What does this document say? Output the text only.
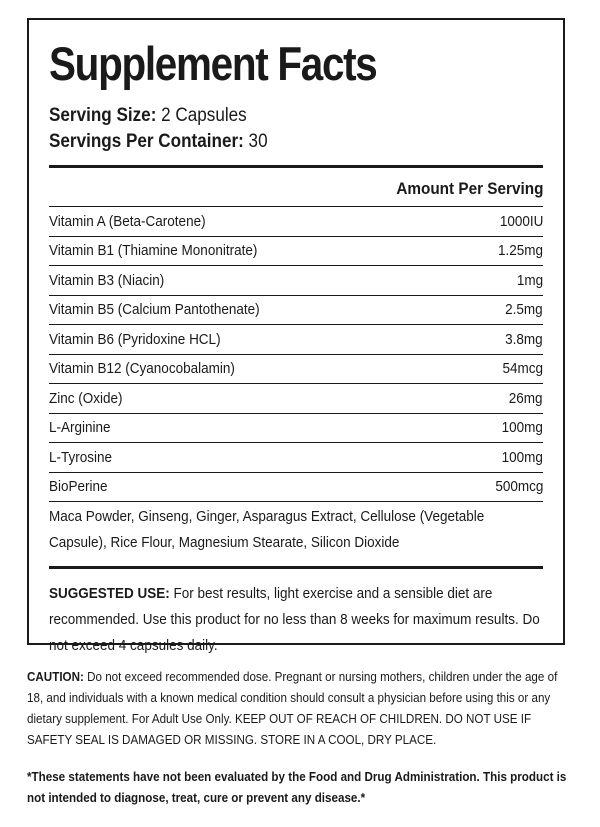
Supplement Facts
Serving Size: 2 Capsules
Servings Per Container: 30
Amount Per Serving
Vitamin A (Beta-Carotene)	1000IU
Vitamin B1 (Thiamine Mononitrate)	1.25mg
Vitamin B3 (Niacin)	1mg
Vitamin B5 (Calcium Pantothenate)	2.5mg
Vitamin B6 (Pyridoxine HCL)	3.8mg
Vitamin B12 (Cyanocobalamin)	54mcg
Zinc (Oxide)	26mg
L-Arginine	100mg
L-Tyrosine	100mg
BioPerine	500mcg
Maca Powder, Ginseng, Ginger, Asparagus Extract, Cellulose (Vegetable Capsule), Rice Flour, Magnesium Stearate, Silicon Dioxide
SUGGESTED USE: For best results, light exercise and a sensible diet are recommended. Use this product for no less than 8 weeks for maximum results. Do not exceed 4 capsules daily.
CAUTION: Do not exceed recommended dose. Pregnant or nursing mothers, children under the age of 18, and individuals with a known medical condition should consult a physician before using this or any dietary supplement. For Adult Use Only. KEEP OUT OF REACH OF CHILDREN. DO NOT USE IF SAFETY SEAL IS DAMAGED OR MISSING. STORE IN A COOL, DRY PLACE.
*These statements have not been evaluated by the Food and Drug Administration. This product is not intended to diagnose, treat, cure or prevent any disease.*
